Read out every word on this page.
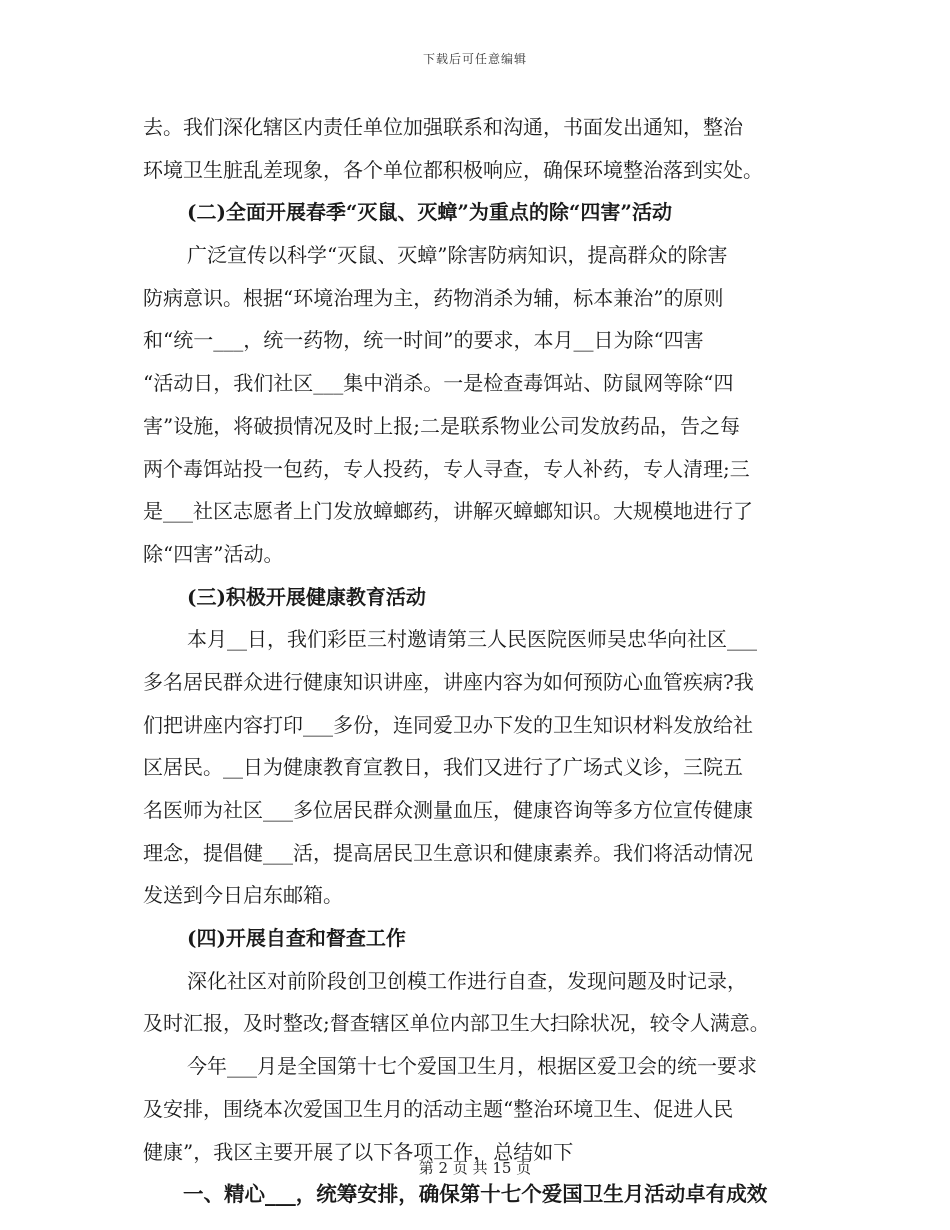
下载后可任意编辑
去。我们深化辖区内责任单位加强联系和沟通，书面发出通知，整治
环境卫生脏乱差现象，各个单位都积极响应，确保环境整治落到实处。
(二)全面开展春季“灭鼠、灭蟑”为重点的除“四害”活动
广泛宣传以科学“灭鼠、灭蟑”除害防病知识，提高群众的除害
防病意识。根据“环境治理为主，药物消杀为辅，标本兼治”的原则
和“统一___，统一药物，统一时间”的要求，本月__日为除“四害
“活动日，我们社区___集中消杀。一是检查毒饵站、防鼠网等除“四
害”设施，将破损情况及时上报;二是联系物业公司发放药品，告之每
两个毒饵站投一包药，专人投药，专人寻查，专人补药，专人清理;三
是___社区志愿者上门发放蟑螂药，讲解灭蟑螂知识。大规模地进行了
除“四害”活动。
(三)积极开展健康教育活动
本月__日，我们彩臣三村邀请第三人民医院医师吴忠华向社区___
多名居民群众进行健康知识讲座，讲座内容为如何预防心血管疾病?我
们把讲座内容打印___多份，连同爱卫办下发的卫生知识材料发放给社
区居民。__日为健康教育宣教日，我们又进行了广场式义诊，三院五
名医师为社区___多位居民群众测量血压，健康咨询等多方位宣传健康
理念，提倡健___活，提高居民卫生意识和健康素养。我们将活动情况
发送到今日启东邮箱。
(四)开展自查和督查工作
深化社区对前阶段创卫创模工作进行自查，发现问题及时记录，
及时汇报，及时整改;督查辖区单位内部卫生大扫除状况，较令人满意。
今年___月是全国第十七个爱国卫生月，根据区爱卫会的统一要求
及安排，围绕本次爱国卫生月的活动主题“整治环境卫生、促进人民
健康”，我区主要开展了以下各项工作，总结如下
一、精心___，统筹安排，确保第十七个爱国卫生月活动卓有成效
第 2 页 共 15 页
